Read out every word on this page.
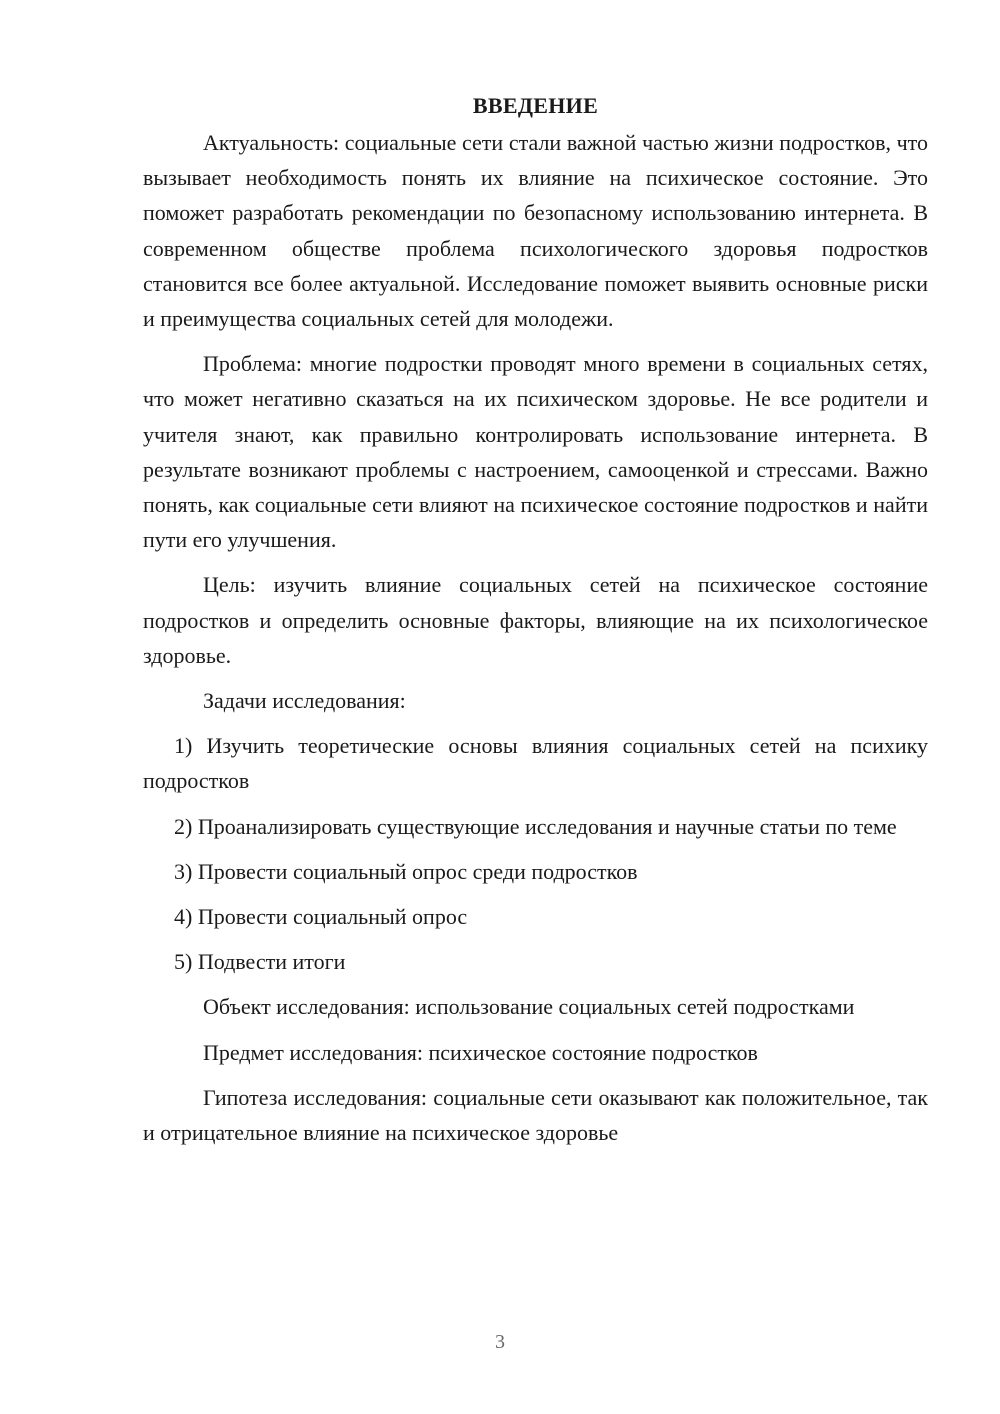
ВВЕДЕНИЕ

Актуальность: социальные сети стали важной частью жизни подростков, что вызывает необходимость понять их влияние на психическое состояние. Это поможет разработать рекомендации по безопасному использованию интернета. В современном обществе проблема психологического здоровья подростков становится все более актуальной. Исследование поможет выявить основные риски и преимущества социальных сетей для молодежи.

Проблема: многие подростки проводят много времени в социальных сетях, что может негативно сказаться на их психическом здоровье. Не все родители и учителя знают, как правильно контролировать использование интернета. В результате возникают проблемы с настроением, самооценкой и стрессами. Важно понять, как социальные сети влияют на психическое состояние подростков и найти пути его улучшения.

Цель: изучить влияние социальных сетей на психическое состояние подростков и определить основные факторы, влияющие на их психологическое здоровье.

Задачи исследования:

1) Изучить теоретические основы влияния социальных сетей на психику подростков

2) Проанализировать существующие исследования и научные статьи по теме

3) Провести социальный опрос среди подростков

4) Провести социальный опрос

5) Подвести итоги

Объект исследования: использование социальных сетей подростками

Предмет исследования: психическое состояние подростков

Гипотеза исследования: социальные сети оказывают как положительное, так и отрицательное влияние на психическое здоровье

3
